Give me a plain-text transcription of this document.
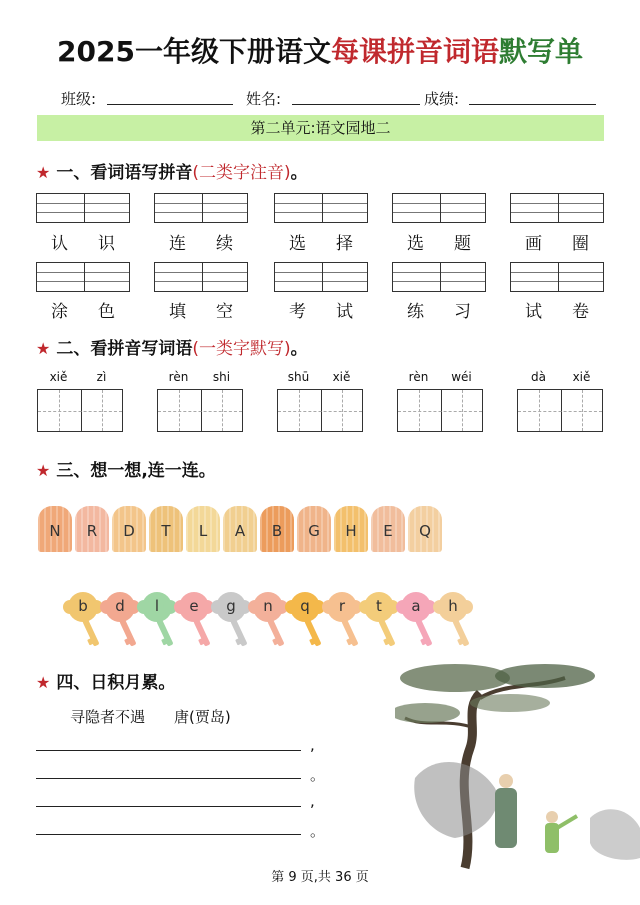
2025一年级下册语文每课拼音词语默写单
班级:	姓名:	成绩:
第二单元:语文园地二
★ 一、看词语写拼音(二类字注音)。
认 识	连 续	选 择	选 题	画 圈
涂 色	填 空	考 试	练 习	试 卷
★ 二、看拼音写词语(一类字默写)。
xiě	zì	rèn	shi	shū	xiě	rèn	wéi	dà	xiě
★ 三、想一想,连一连。
N	R	D	T	L	A	B	G	H	E	Q
b	d	l	e	g	n	q	r	t	a	h
★ 四、日积月累。
寻隐者不遇 唐(贾岛)
,
。
,
。
第 9 页,共 36 页
